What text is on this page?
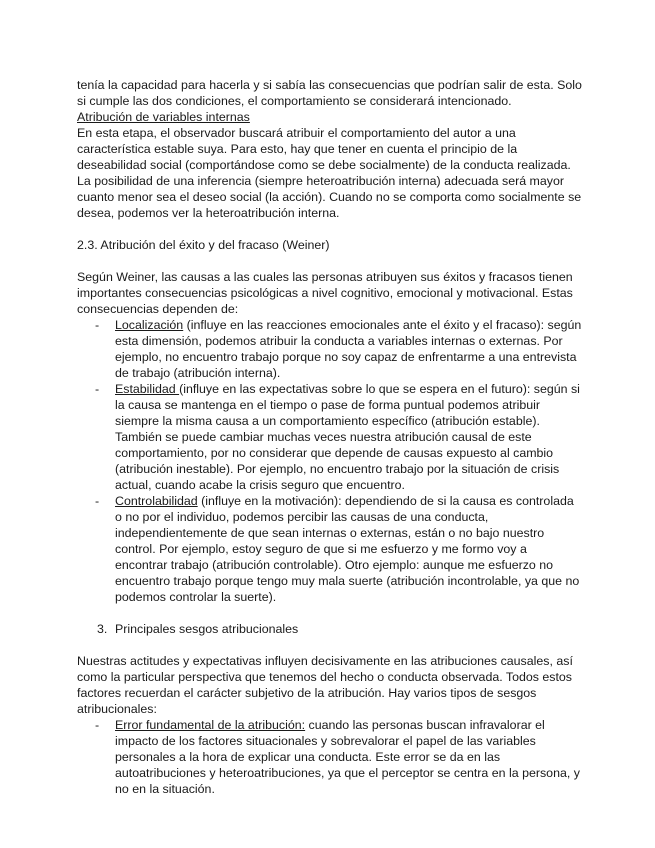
tenía la capacidad para hacerla y si sabía las consecuencias que podrían salir de esta. Solo si cumple las dos condiciones, el comportamiento se considerará intencionado.

Atribución de variables internas

En esta etapa, el observador buscará atribuir el comportamiento del autor a una característica estable suya. Para esto, hay que tener en cuenta el principio de la deseabilidad social (comportándose como se debe socialmente) de la conducta realizada. La posibilidad de una inferencia (siempre heteroatribución interna) adecuada será mayor cuanto menor sea el deseo social (la acción). Cuando no se comporta como socialmente se desea, podemos ver la heteroatribución interna.

2.3. Atribución del éxito y del fracaso (Weiner)

Según Weiner, las causas a las cuales las personas atribuyen sus éxitos y fracasos tienen importantes consecuencias psicológicas a nivel cognitivo, emocional y motivacional. Estas consecuencias dependen de:

- Localización (influye en las reacciones emocionales ante el éxito y el fracaso): según esta dimensión, podemos atribuir la conducta a variables internas o externas. Por ejemplo, no encuentro trabajo porque no soy capaz de enfrentarme a una entrevista de trabajo (atribución interna).
- Estabilidad (influye en las expectativas sobre lo que se espera en el futuro): según si la causa se mantenga en el tiempo o pase de forma puntual podemos atribuir siempre la misma causa a un comportamiento específico (atribución estable). También se puede cambiar muchas veces nuestra atribución causal de este comportamiento, por no considerar que depende de causas expuesto al cambio (atribución inestable). Por ejemplo, no encuentro trabajo por la situación de crisis actual, cuando acabe la crisis seguro que encuentro.
- Controlabilidad (influye en la motivación): dependiendo de si la causa es controlada o no por el individuo, podemos percibir las causas de una conducta, independientemente de que sean internas o externas, están o no bajo nuestro control. Por ejemplo, estoy seguro de que si me esfuerzo y me formo voy a encontrar trabajo (atribución controlable). Otro ejemplo: aunque me esfuerzo no encuentro trabajo porque tengo muy mala suerte (atribución incontrolable, ya que no podemos controlar la suerte).

3. Principales sesgos atribucionales

Nuestras actitudes y expectativas influyen decisivamente en las atribuciones causales, así como la particular perspectiva que tenemos del hecho o conducta observada. Todos estos factores recuerdan el carácter subjetivo de la atribución. Hay varios tipos de sesgos atribucionales:

- Error fundamental de la atribución: cuando las personas buscan infravalorar el impacto de los factores situacionales y sobrevalorar el papel de las variables personales a la hora de explicar una conducta. Este error se da en las autoatribuciones y heteroatribuciones, ya que el perceptor se centra en la persona, y no en la situación.
